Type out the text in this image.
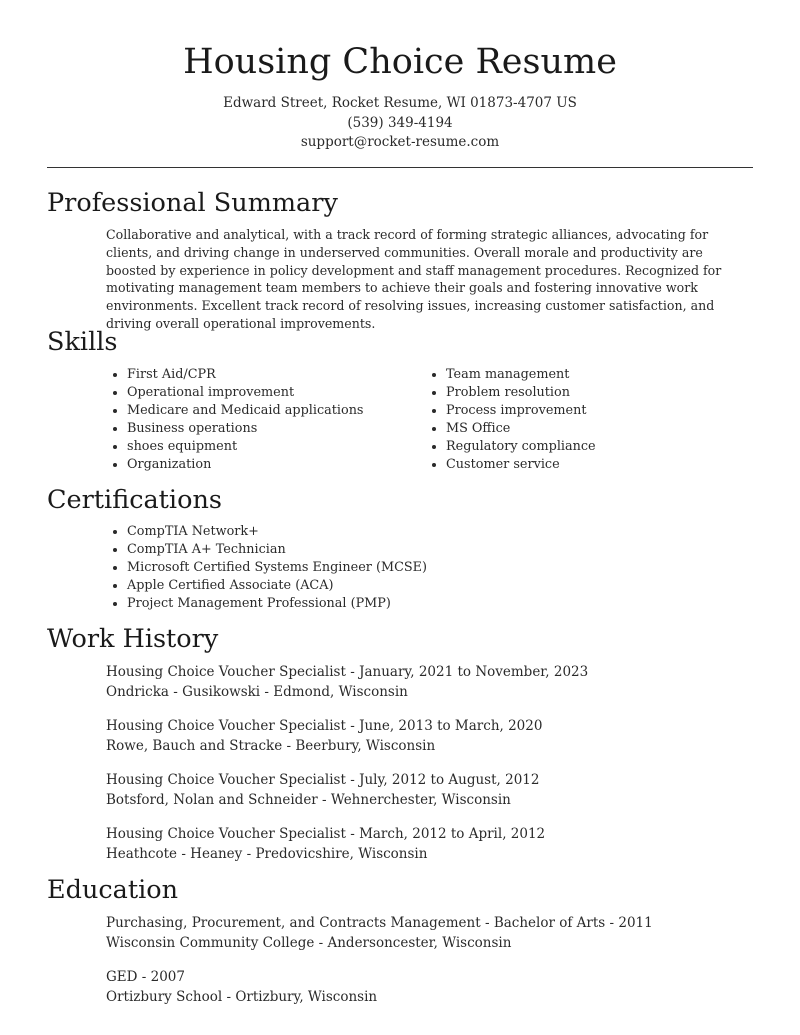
Housing Choice Resume
Edward Street, Rocket Resume, WI 01873-4707 US
(539) 349-4194
support@rocket-resume.com
Professional Summary

Collaborative and analytical, with a track record of forming strategic alliances, advocating for clients, and driving change in underserved communities. Overall morale and productivity are boosted by experience in policy development and staff management procedures. Recognized for motivating management team members to achieve their goals and fostering innovative work environments. Excellent track record of resolving issues, increasing customer satisfaction, and driving overall operational improvements.

Skills
• First Aid/CPR
• Operational improvement
• Medicare and Medicaid applications
• Business operations
• shoes equipment
• Organization
• Team management
• Problem resolution
• Process improvement
• MS Office
• Regulatory compliance
• Customer service
Certifications
• CompTIA Network+
• CompTIA A+ Technician
• Microsoft Certified Systems Engineer (MCSE)
• Apple Certified Associate (ACA)
• Project Management Professional (PMP)
Work History
Housing Choice Voucher Specialist - January, 2021 to November, 2023
Ondricka - Gusikowski - Edmond, Wisconsin
Housing Choice Voucher Specialist - June, 2013 to March, 2020
Rowe, Bauch and Stracke - Beerbury, Wisconsin
Housing Choice Voucher Specialist - July, 2012 to August, 2012
Botsford, Nolan and Schneider - Wehnerchester, Wisconsin
Housing Choice Voucher Specialist - March, 2012 to April, 2012
Heathcote - Heaney - Predovicshire, Wisconsin
Education
Purchasing, Procurement, and Contracts Management - Bachelor of Arts - 2011
Wisconsin Community College - Andersoncester, Wisconsin
GED - 2007
Ortizbury School - Ortizbury, Wisconsin
